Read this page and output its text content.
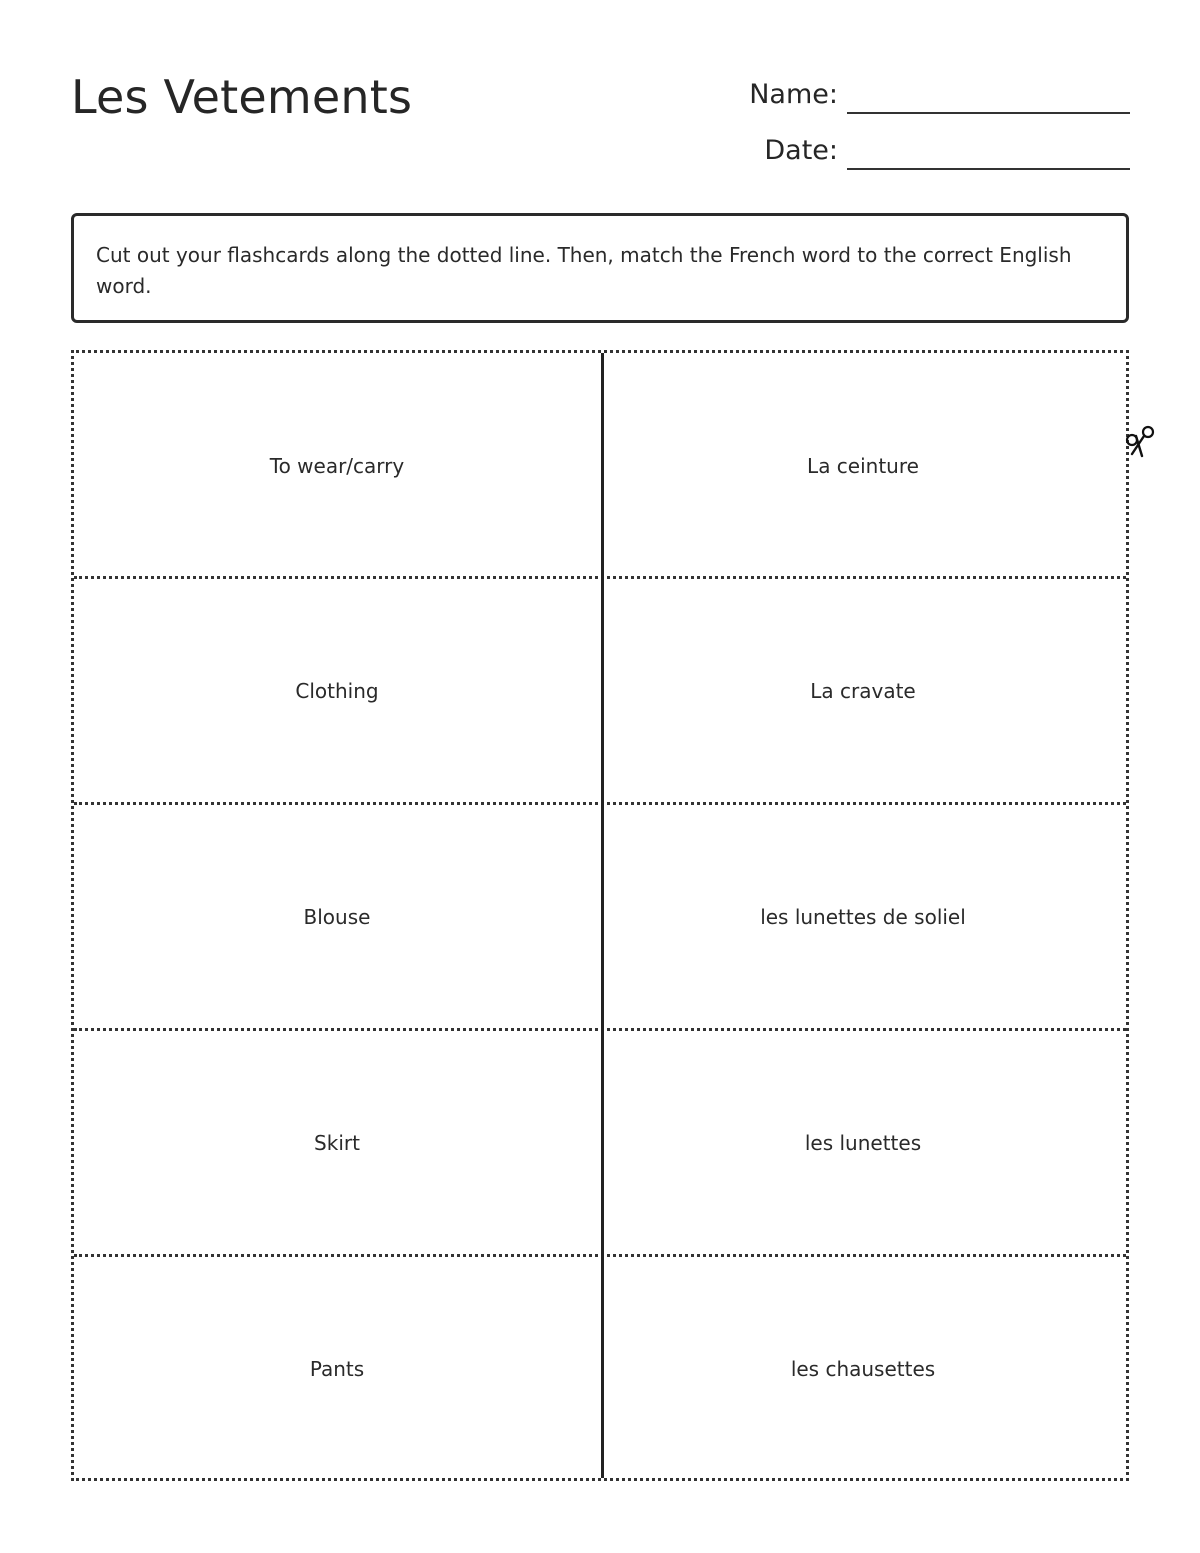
Les Vetements	Name:
Date:
Cut out your flashcards along the dotted line. Then, match the French word to the correct English word.
To wear/carry	La ceinture
Clothing	La cravate
Blouse	les lunettes de soliel
Skirt	les lunettes
Pants	les chausettes
